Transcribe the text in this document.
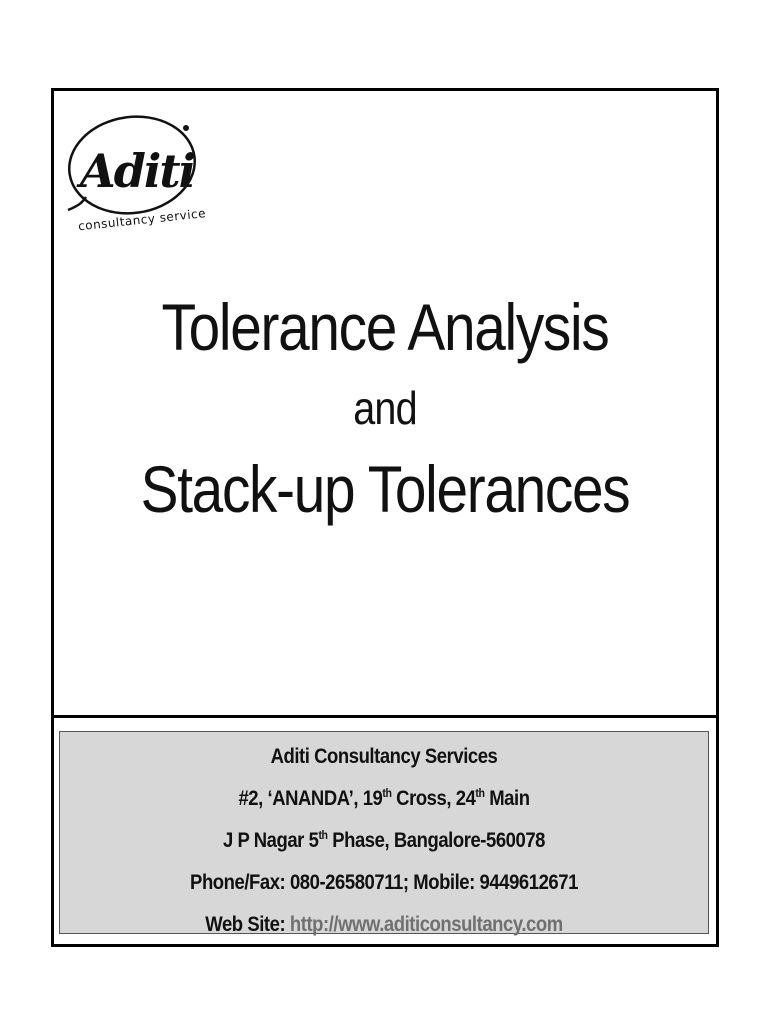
Aditi
consultancy services
Tolerance Analysis
and
Stack-up Tolerances
Aditi Consultancy Services
#2, ‘ANANDA’, 19th Cross, 24th Main
J P Nagar 5th Phase, Bangalore-560078
Phone/Fax: 080-26580711; Mobile: 9449612671
Web Site: http://www.aditiconsultancy.com
